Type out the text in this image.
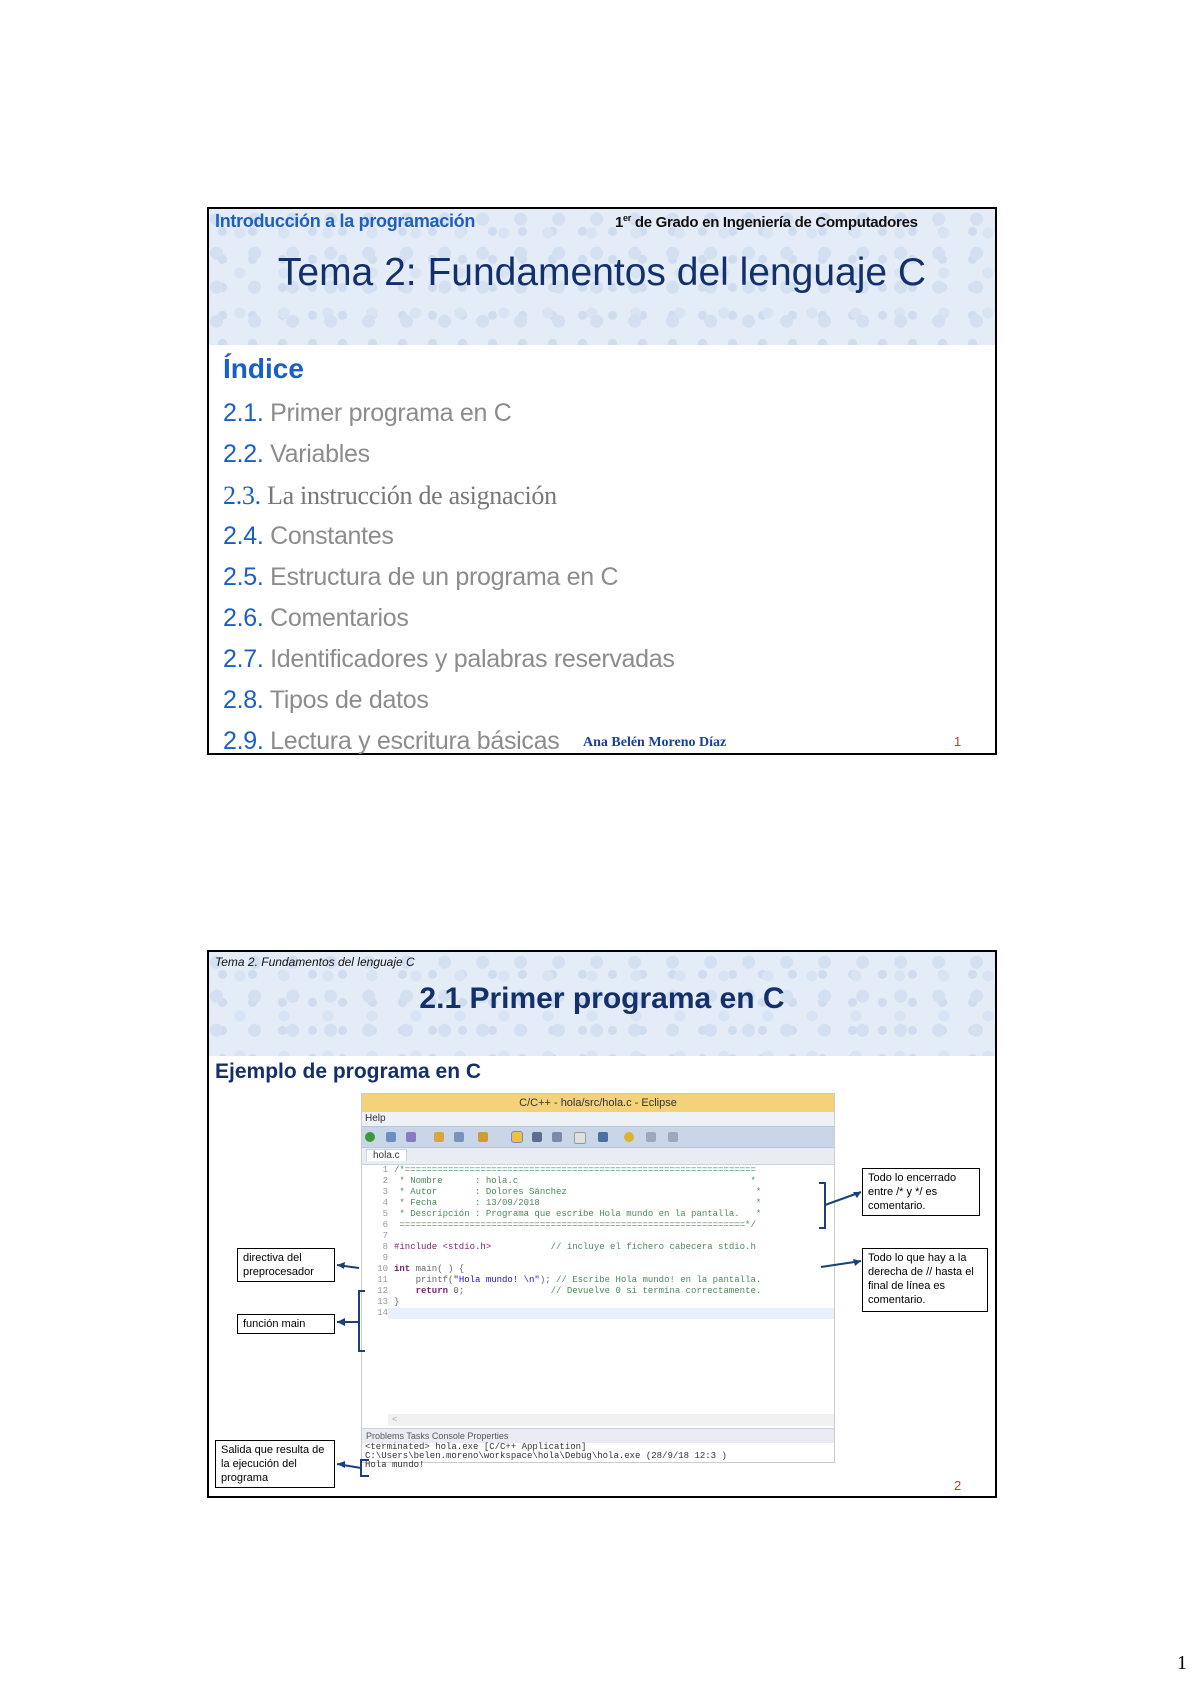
Introducción a la programación	1er de Grado en Ingeniería de Computadores
Tema 2: Fundamentos del lenguaje C
Índice
2.1. Primer programa en C
2.2. Variables
2.3. La instrucción de asignación
2.4. Constantes
2.5. Estructura de un programa en C
2.6. Comentarios
2.7. Identificadores y palabras reservadas
2.8. Tipos de datos
2.9. Lectura y escritura básicas	Ana Belén Moreno Díaz	1
Tema 2. Fundamentos del lenguaje C
2.1 Primer programa en C
Ejemplo de programa en C
C/C++ - hola/src/hola.c - Eclipse
Help
hola.c
1
2
3
4
5
6
7
8
9
10
11
12
13
14
/*=================================================================
* Nombre      : hola.c                                           *
* Autor       : Dolores Sánchez                                   *
* Fecha       : 13/09/2018                                        *
* Descripción : Programa que escribe Hola mundo en la pantalla.   *
================================================================*/
#include <stdio.h>           // incluye el fichero cabecera stdio.h
int main( ) {
printf("Hola mundo! \n"); // Escribe Hola mundo! en la pantalla.
return 0;                // Devuelve 0 si termina correctamente.
}
<
Problems Tasks Console Properties
<terminated> hola.exe [C/C++ Application] C:\Users\belen.moreno\workspace\hola\Debug\hola.exe (28/9/18 12:3 )
Hola mundo!
Todo lo encerrado entre /* y */ es comentario.
Todo lo que hay a la derecha de // hasta el final de línea es comentario.
directiva del preprocesador
función main
Salida que resulta de la ejecución del programa	2
1
